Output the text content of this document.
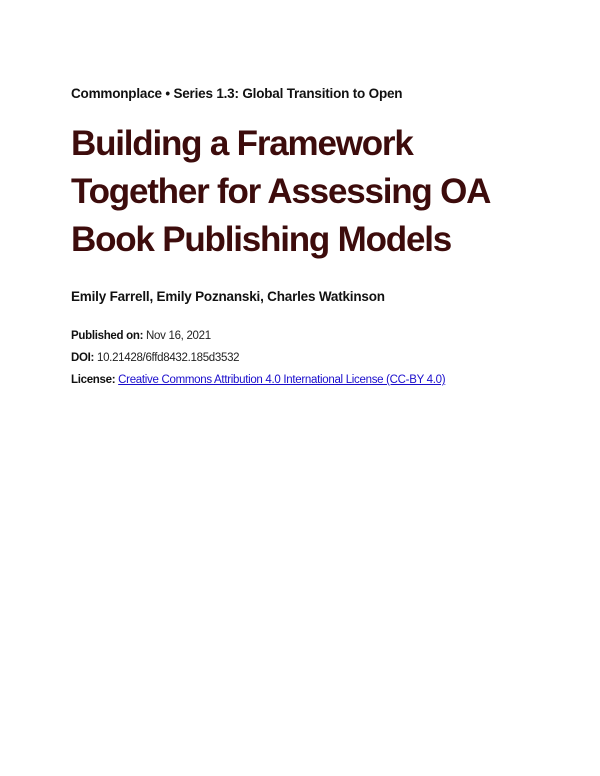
Commonplace • Series 1.3: Global Transition to Open
Building a Framework Together for Assessing OA Book Publishing Models
Emily Farrell, Emily Poznanski, Charles Watkinson
Published on: Nov 16, 2021
DOI: 10.21428/6ffd8432.185d3532
License: Creative Commons Attribution 4.0 International License (CC-BY 4.0)
